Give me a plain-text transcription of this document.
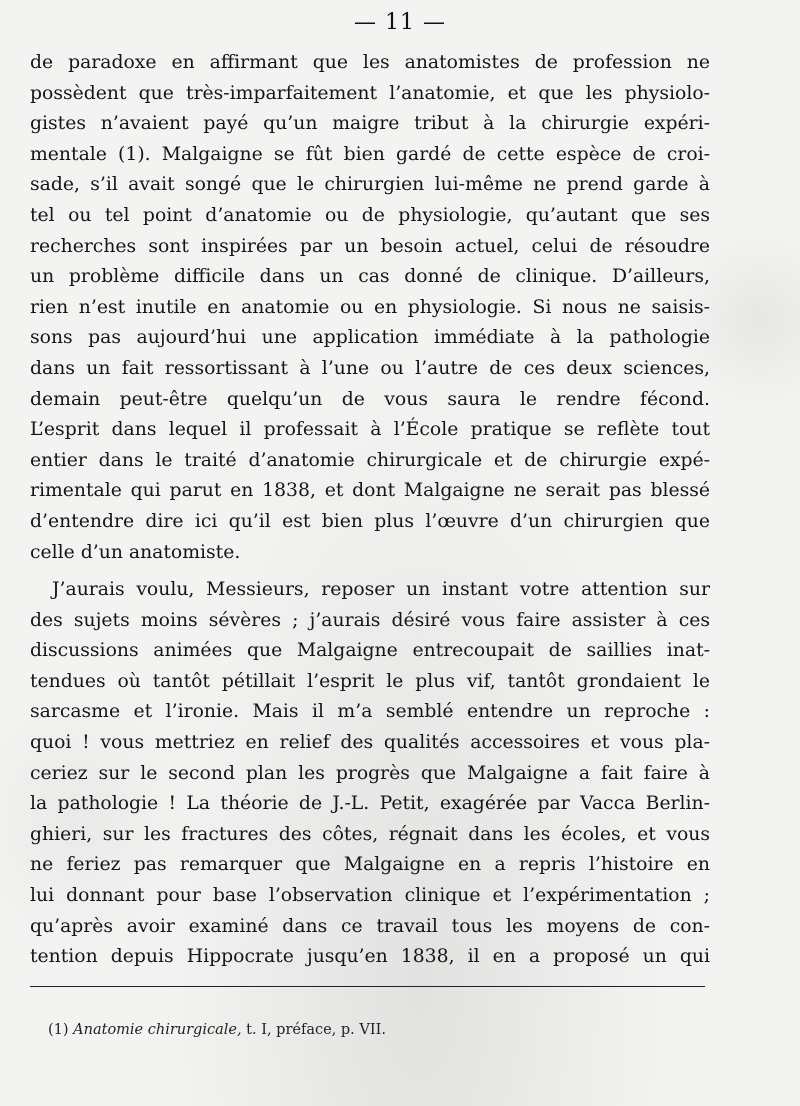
— 11 —
de paradoxe en affirmant que les anatomistes de profession ne
possèdent que très-imparfaitement l’anatomie, et que les physiolo-
gistes n’avaient payé qu’un maigre tribut à la chirurgie expéri-
mentale (1). Malgaigne se fût bien gardé de cette espèce de croi-
sade, s’il avait songé que le chirurgien lui-même ne prend garde à
tel ou tel point d’anatomie ou de physiologie, qu’autant que ses
recherches sont inspirées par un besoin actuel, celui de résoudre
un problème difficile dans un cas donné de clinique. D’ailleurs,
rien n’est inutile en anatomie ou en physiologie. Si nous ne saisis-
sons pas aujourd’hui une application immédiate à la pathologie
dans un fait ressortissant à l’une ou l’autre de ces deux sciences,
demain peut-être quelqu’un de vous saura le rendre fécond.
L’esprit dans lequel il professait à l’École pratique se reflète tout
entier dans le traité d’anatomie chirurgicale et de chirurgie expé-
rimentale qui parut en 1838, et dont Malgaigne ne serait pas blessé
d’entendre dire ici qu’il est bien plus l’œuvre d’un chirurgien que
celle d’un anatomiste.
J’aurais voulu, Messieurs, reposer un instant votre attention sur
des sujets moins sévères ; j’aurais désiré vous faire assister à ces
discussions animées que Malgaigne entrecoupait de saillies inat-
tendues où tantôt pétillait l’esprit le plus vif, tantôt grondaient le
sarcasme et l’ironie. Mais il m’a semblé entendre un reproche :
quoi ! vous mettriez en relief des qualités accessoires et vous pla-
ceriez sur le second plan les progrès que Malgaigne a fait faire à
la pathologie ! La théorie de J.-L. Petit, exagérée par Vacca Berlin-
ghieri, sur les fractures des côtes, régnait dans les écoles, et vous
ne feriez pas remarquer que Malgaigne en a repris l’histoire en
lui donnant pour base l’observation clinique et l’expérimentation ;
qu’après avoir examiné dans ce travail tous les moyens de con-
tention depuis Hippocrate jusqu’en 1838, il en a proposé un qui
(1) Anatomie chirurgicale, t. I, préface, p. VII.
